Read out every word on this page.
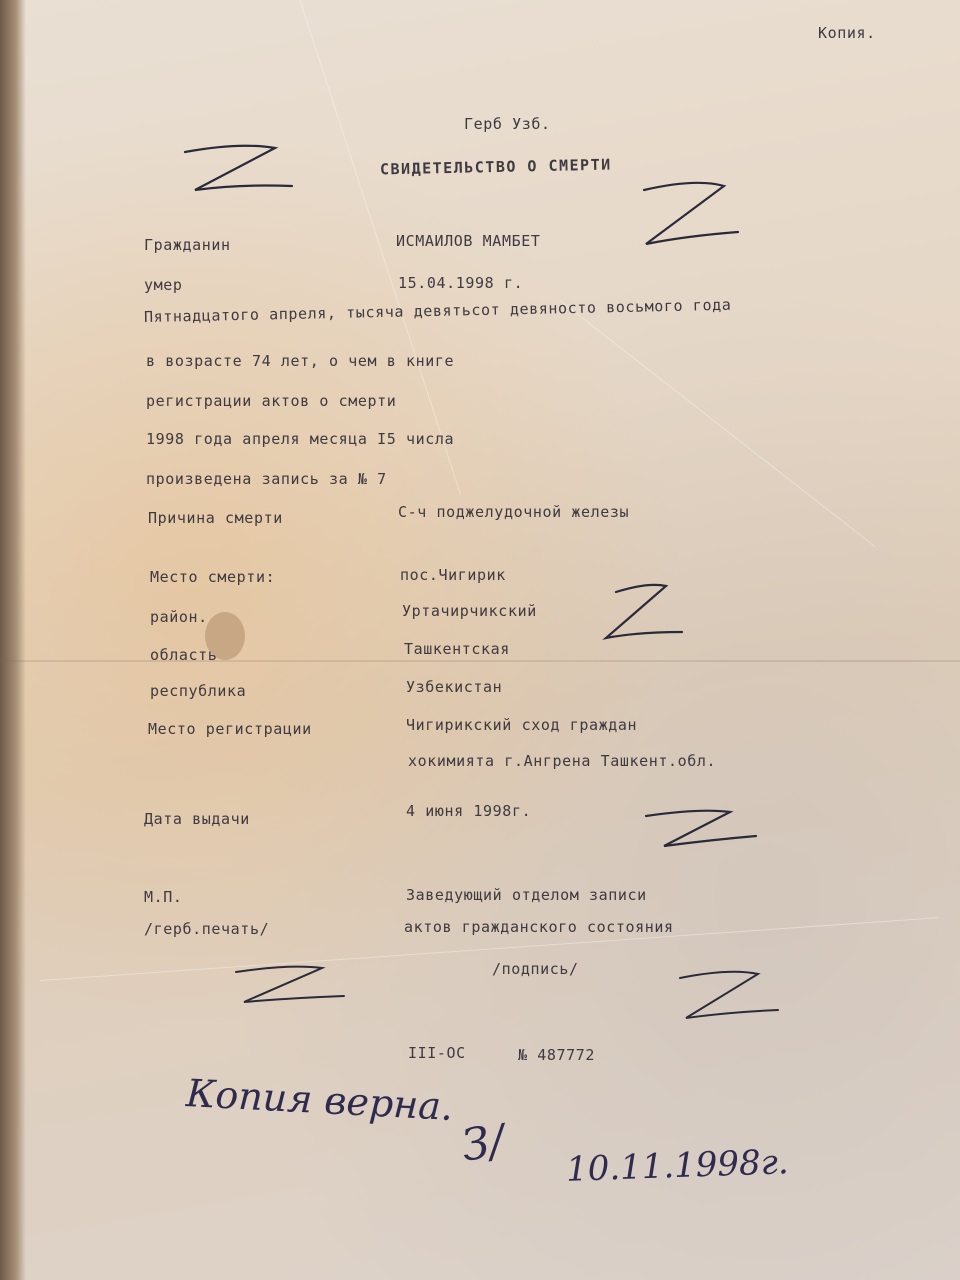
Копия.
Герб Узб.
СВИДЕТЕЛЬСТВО О СМЕРТИ
Гражданин	ИСМАИЛОВ МАМБЕТ
умер	15.04.1998 г.
Пятнадцатого апреля, тысяча девятьсот девяносто восьмого года
в возрасте 74 лет, о чем в книге
регистрации актов о смерти
1998 года апреля месяца I5 числа
произведена запись за № 7
Причина смерти	С-ч поджелудочной железы
Место смерти:	пос.Чигирик
район.	Уртачирчикский
область	Ташкентская
республика	Узбекистан
Место регистрации	Чигирикский сход граждан
хокимията г.Ангрена Ташкент.обл.
Дата выдачи	4 июня 1998г.
М.П.
/герб.печать/
Заведующий отделом записи
актов гражданского состояния
/подпись/
III-ОС	№ 487772
Копия верна.
З/ 10.11.1998г.
